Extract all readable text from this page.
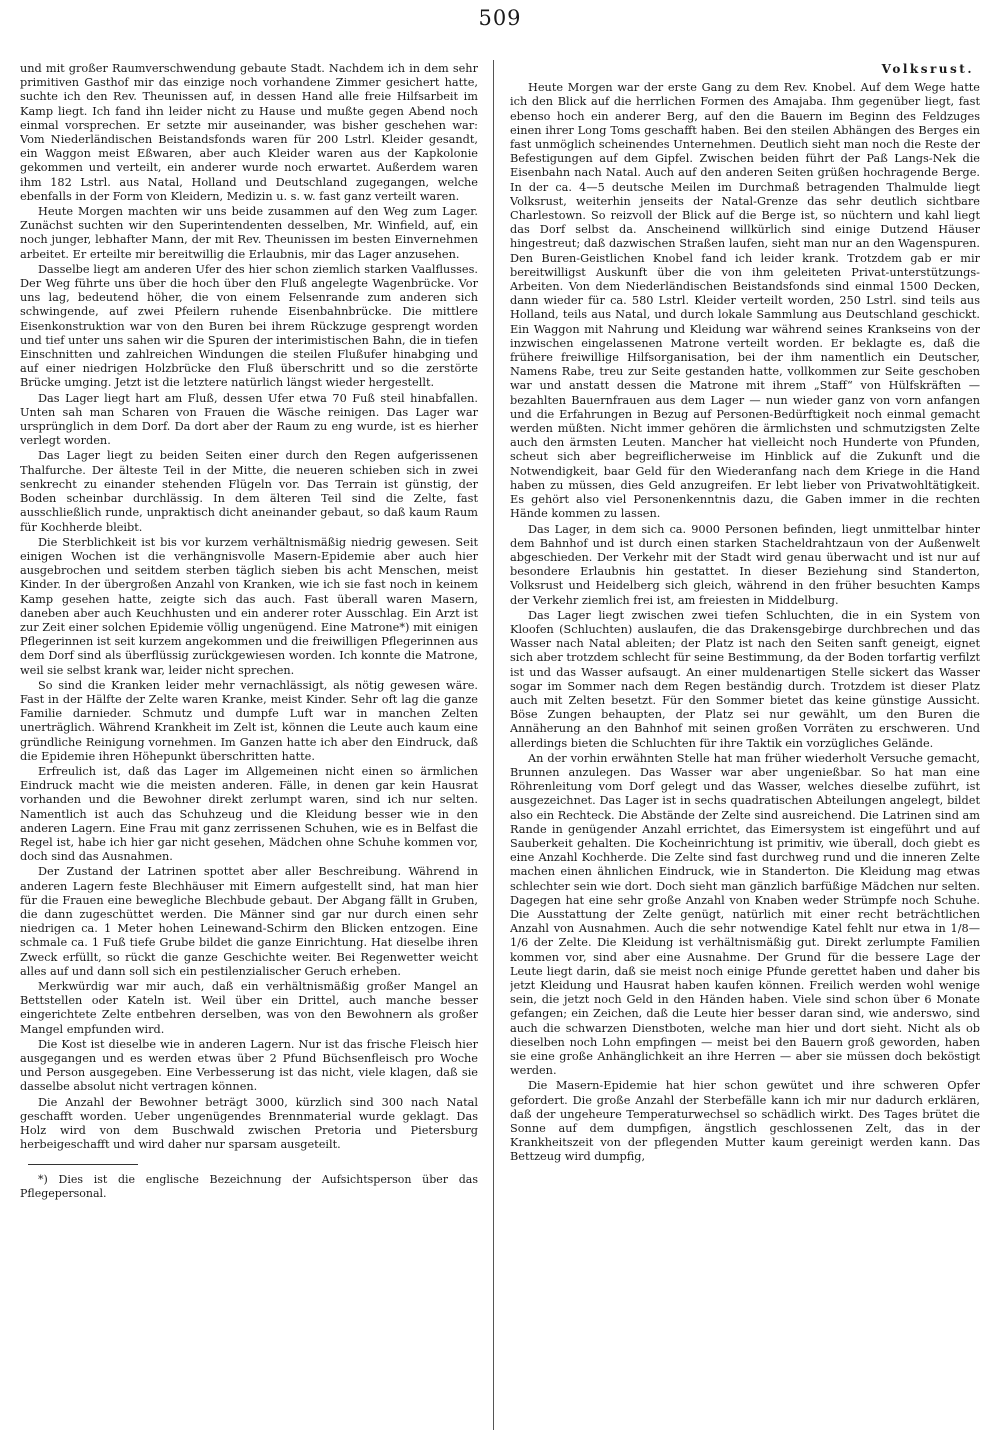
509

und mit großer Raumverschwendung gebaute Stadt. Nachdem ich in dem sehr primitiven Gasthof mir das einzige noch vorhandene Zimmer gesichert hatte, suchte ich den Rev. Theunissen auf, in dessen Hand alle freie Hilfsarbeit im Kamp liegt. Ich fand ihn leider nicht zu Hause und mußte gegen Abend noch einmal vorsprechen. Er setzte mir auseinander, was bisher geschehen war: Vom Niederländischen Beistandsfonds waren für 200 Lstrl. Kleider gesandt, ein Waggon meist Eßwaren, aber auch Kleider waren aus der Kapkolonie gekommen und verteilt, ein anderer wurde noch erwartet. Außerdem waren ihm 182 Lstrl. aus Natal, Holland und Deutschland zugegangen, welche ebenfalls in der Form von Kleidern, Medizin u. s. w. fast ganz verteilt waren.

Heute Morgen machten wir uns beide zusammen auf den Weg zum Lager. Zunächst suchten wir den Superintendenten desselben, Mr. Winfield, auf, ein noch junger, lebhafter Mann, der mit Rev. Theunissen im besten Einvernehmen arbeitet. Er erteilte mir bereitwillig die Erlaubnis, mir das Lager anzusehen.

Dasselbe liegt am anderen Ufer des hier schon ziemlich starken Vaalflusses. Der Weg führte uns über die hoch über den Fluß angelegte Wagenbrücke. Vor uns lag, bedeutend höher, die von einem Felsenrande zum anderen sich schwingende, auf zwei Pfeilern ruhende Eisenbahnbrücke. Die mittlere Eisenkonstruktion war von den Buren bei ihrem Rückzuge gesprengt worden und tief unter uns sahen wir die Spuren der interimistischen Bahn, die in tiefen Einschnitten und zahlreichen Windungen die steilen Flußufer hinabging und auf einer niedrigen Holzbrücke den Fluß überschritt und so die zerstörte Brücke umging. Jetzt ist die letztere natürlich längst wieder hergestellt.

Das Lager liegt hart am Fluß, dessen Ufer etwa 70 Fuß steil hinabfallen. Unten sah man Scharen von Frauen die Wäsche reinigen. Das Lager war ursprünglich in dem Dorf. Da dort aber der Raum zu eng wurde, ist es hierher verlegt worden.

Das Lager liegt zu beiden Seiten einer durch den Regen aufgerissenen Thalfurche. Der älteste Teil in der Mitte, die neueren schieben sich in zwei senkrecht zu einander stehenden Flügeln vor. Das Terrain ist günstig, der Boden scheinbar durchlässig. In dem älteren Teil sind die Zelte, fast ausschließlich runde, unpraktisch dicht aneinander gebaut, so daß kaum Raum für Kochherde bleibt.

Die Sterblichkeit ist bis vor kurzem verhältnismäßig niedrig gewesen. Seit einigen Wochen ist die verhängnisvolle Masern-Epidemie aber auch hier ausgebrochen und seitdem sterben täglich sieben bis acht Menschen, meist Kinder. In der übergroßen Anzahl von Kranken, wie ich sie fast noch in keinem Kamp gesehen hatte, zeigte sich das auch. Fast überall waren Masern, daneben aber auch Keuchhusten und ein anderer roter Ausschlag. Ein Arzt ist zur Zeit einer solchen Epidemie völlig ungenügend. Eine Matrone*) mit einigen Pflegerinnen ist seit kurzem angekommen und die freiwilligen Pflegerinnen aus dem Dorf sind als überflüssig zurückgewiesen worden. Ich konnte die Matrone, weil sie selbst krank war, leider nicht sprechen.

So sind die Kranken leider mehr vernachlässigt, als nötig gewesen wäre. Fast in der Hälfte der Zelte waren Kranke, meist Kinder. Sehr oft lag die ganze Familie darnieder. Schmutz und dumpfe Luft war in manchen Zelten unerträglich. Während Krankheit im Zelt ist, können die Leute auch kaum eine gründliche Reinigung vornehmen. Im Ganzen hatte ich aber den Eindruck, daß die Epidemie ihren Höhepunkt überschritten hatte.

Erfreulich ist, daß das Lager im Allgemeinen nicht einen so ärmlichen Eindruck macht wie die meisten anderen. Fälle, in denen gar kein Hausrat vorhanden und die Bewohner direkt zerlumpt waren, sind ich nur selten. Namentlich ist auch das Schuhzeug und die Kleidung besser wie in den anderen Lagern. Eine Frau mit ganz zerrissenen Schuhen, wie es in Belfast die Regel ist, habe ich hier gar nicht gesehen, Mädchen ohne Schuhe kommen vor, doch sind das Ausnahmen.

Der Zustand der Latrinen spottet aber aller Beschreibung. Während in anderen Lagern feste Blechhäuser mit Eimern aufgestellt sind, hat man hier für die Frauen eine bewegliche Blechbude gebaut. Der Abgang fällt in Gruben, die dann zugeschüttet werden. Die Männer sind gar nur durch einen sehr niedrigen ca. 1 Meter hohen Leinewand-Schirm den Blicken entzogen. Eine schmale ca. 1 Fuß tiefe Grube bildet die ganze Einrichtung. Hat dieselbe ihren Zweck erfüllt, so rückt die ganze Geschichte weiter. Bei Regenwetter weicht alles auf und dann soll sich ein pestilenzialischer Geruch erheben.

Merkwürdig war mir auch, daß ein verhältnismäßig großer Mangel an Bettstellen oder Kateln ist. Weil über ein Drittel, auch manche besser eingerichtete Zelte entbehren derselben, was von den Bewohnern als großer Mangel empfunden wird.

Die Kost ist dieselbe wie in anderen Lagern. Nur ist das frische Fleisch hier ausgegangen und es werden etwas über 2 Pfund Büchsenfleisch pro Woche und Person ausgegeben. Eine Verbesserung ist das nicht, viele klagen, daß sie dasselbe absolut nicht vertragen können.

Die Anzahl der Bewohner beträgt 3000, kürzlich sind 300 nach Natal geschafft worden. Ueber ungenügendes Brennmaterial wurde geklagt. Das Holz wird von dem Buschwald zwischen Pretoria und Pietersburg herbeigeschafft und wird daher nur sparsam ausgeteilt.

*) Dies ist die englische Bezeichnung der Aufsichtsperson über das Pflegepersonal.

Volksrust.

Heute Morgen war der erste Gang zu dem Rev. Knobel. Auf dem Wege hatte ich den Blick auf die herrlichen Formen des Amajaba. Ihm gegenüber liegt, fast ebenso hoch ein anderer Berg, auf den die Bauern im Beginn des Feldzuges einen ihrer Long Toms geschafft haben. Bei den steilen Abhängen des Berges ein fast unmöglich scheinendes Unternehmen. Deutlich sieht man noch die Reste der Befestigungen auf dem Gipfel. Zwischen beiden führt der Paß Langs-Nek die Eisenbahn nach Natal. Auch auf den anderen Seiten grüßen hochragende Berge. In der ca. 4—5 deutsche Meilen im Durchmaß betragenden Thalmulde liegt Volksrust, weiterhin jenseits der Natal-Grenze das sehr deutlich sichtbare Charlestown. So reizvoll der Blick auf die Berge ist, so nüchtern und kahl liegt das Dorf selbst da. Anscheinend willkürlich sind einige Dutzend Häuser hingestreut; daß dazwischen Straßen laufen, sieht man nur an den Wagenspuren. Den Buren-Geistlichen Knobel fand ich leider krank. Trotzdem gab er mir bereitwilligst Auskunft über die von ihm geleiteten Privat-unterstützungs-Arbeiten. Von dem Niederländischen Beistandsfonds sind einmal 1500 Decken, dann wieder für ca. 580 Lstrl. Kleider verteilt worden, 250 Lstrl. sind teils aus Holland, teils aus Natal, und durch lokale Sammlung aus Deutschland geschickt. Ein Waggon mit Nahrung und Kleidung war während seines Krankseins von der inzwischen eingelassenen Matrone verteilt worden. Er beklagte es, daß die frühere freiwillige Hilfsorganisation, bei der ihm namentlich ein Deutscher, Namens Rabe, treu zur Seite gestanden hatte, vollkommen zur Seite geschoben war und anstatt dessen die Matrone mit ihrem „Staff“ von Hülfskräften — bezahlten Bauernfrauen aus dem Lager — nun wieder ganz von vorn anfangen und die Erfahrungen in Bezug auf Personen-Bedürftigkeit noch einmal gemacht werden müßten. Nicht immer gehören die ärmlichsten und schmutzigsten Zelte auch den ärmsten Leuten. Mancher hat vielleicht noch Hunderte von Pfunden, scheut sich aber begreiflicherweise im Hinblick auf die Zukunft und die Notwendigkeit, baar Geld für den Wiederanfang nach dem Kriege in die Hand haben zu müssen, dies Geld anzugreifen. Er lebt lieber von Privatwohltätigkeit. Es gehört also viel Personenkenntnis dazu, die Gaben immer in die rechten Hände kommen zu lassen.

Das Lager, in dem sich ca. 9000 Personen befinden, liegt unmittelbar hinter dem Bahnhof und ist durch einen starken Stacheldrahtzaun von der Außenwelt abgeschieden. Der Verkehr mit der Stadt wird genau überwacht und ist nur auf besondere Erlaubnis hin gestattet. In dieser Beziehung sind Standerton, Volksrust und Heidelberg sich gleich, während in den früher besuchten Kamps der Verkehr ziemlich frei ist, am freiesten in Middelburg.

Das Lager liegt zwischen zwei tiefen Schluchten, die in ein System von Kloofen (Schluchten) auslaufen, die das Drakensgebirge durchbrechen und das Wasser nach Natal ableiten; der Platz ist nach den Seiten sanft geneigt, eignet sich aber trotzdem schlecht für seine Bestimmung, da der Boden torfartig verfilzt ist und das Wasser aufsaugt. An einer muldenartigen Stelle sickert das Wasser sogar im Sommer nach dem Regen beständig durch. Trotzdem ist dieser Platz auch mit Zelten besetzt. Für den Sommer bietet das keine günstige Aussicht. Böse Zungen behaupten, der Platz sei nur gewählt, um den Buren die Annäherung an den Bahnhof mit seinen großen Vorräten zu erschweren. Und allerdings bieten die Schluchten für ihre Taktik ein vorzügliches Gelände.

An der vorhin erwähnten Stelle hat man früher wiederholt Versuche gemacht, Brunnen anzulegen. Das Wasser war aber ungenießbar. So hat man eine Röhrenleitung vom Dorf gelegt und das Wasser, welches dieselbe zuführt, ist ausgezeichnet. Das Lager ist in sechs quadratischen Abteilungen angelegt, bildet also ein Rechteck. Die Abstände der Zelte sind ausreichend. Die Latrinen sind am Rande in genügender Anzahl errichtet, das Eimersystem ist eingeführt und auf Sauberkeit gehalten. Die Kocheinrichtung ist primitiv, wie überall, doch giebt es eine Anzahl Kochherde. Die Zelte sind fast durchweg rund und die inneren Zelte machen einen ähnlichen Eindruck, wie in Standerton. Die Kleidung mag etwas schlechter sein wie dort. Doch sieht man gänzlich barfüßige Mädchen nur selten. Dagegen hat eine sehr große Anzahl von Knaben weder Strümpfe noch Schuhe. Die Ausstattung der Zelte genügt, natürlich mit einer recht beträchtlichen Anzahl von Ausnahmen. Auch die sehr notwendige Katel fehlt nur etwa in 1/8—1/6 der Zelte. Die Kleidung ist verhältnismäßig gut. Direkt zerlumpte Familien kommen vor, sind aber eine Ausnahme. Der Grund für die bessere Lage der Leute liegt darin, daß sie meist noch einige Pfunde gerettet haben und daher bis jetzt Kleidung und Hausrat haben kaufen können. Freilich werden wohl wenige sein, die jetzt noch Geld in den Händen haben. Viele sind schon über 6 Monate gefangen; ein Zeichen, daß die Leute hier besser daran sind, wie anderswo, sind auch die schwarzen Dienstboten, welche man hier und dort sieht. Nicht als ob dieselben noch Lohn empfingen — meist bei den Bauern groß geworden, haben sie eine große Anhänglichkeit an ihre Herren — aber sie müssen doch beköstigt werden.

Die Masern-Epidemie hat hier schon gewütet und ihre schweren Opfer gefordert. Die große Anzahl der Sterbefälle kann ich mir nur dadurch erklären, daß der ungeheure Temperaturwechsel so schädlich wirkt. Des Tages brütet die Sonne auf dem dumpfigen, ängstlich geschlossenen Zelt, das in der Krankheitszeit von der pflegenden Mutter kaum gereinigt werden kann. Das Bettzeug wird dumpfig,
